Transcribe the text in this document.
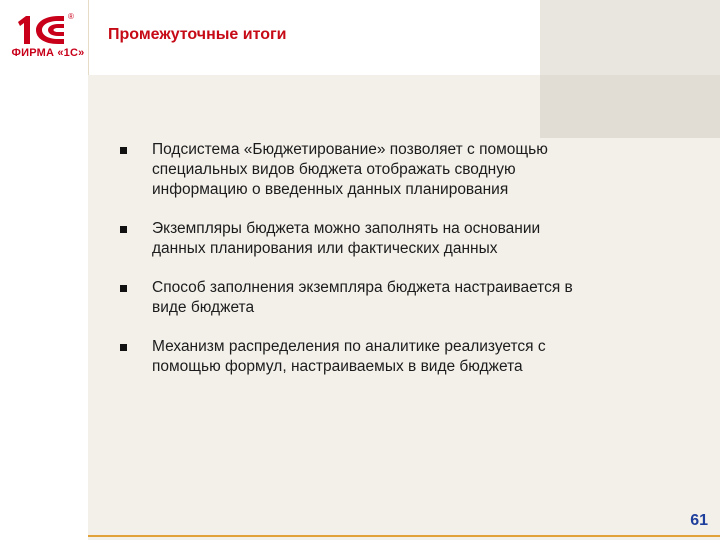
®
ФИРМА «1С»
Промежуточные итоги
Подсистема «Бюджетирование» позволяет с помощью специальных видов бюджета отображать сводную информацию о введенных данных планирования
Экземпляры бюджета можно заполнять на основании данных планирования или фактических данных
Способ заполнения экземпляра бюджета настраивается в виде бюджета
Механизм распределения по аналитике реализуется с помощью формул, настраиваемых в виде бюджета
61
